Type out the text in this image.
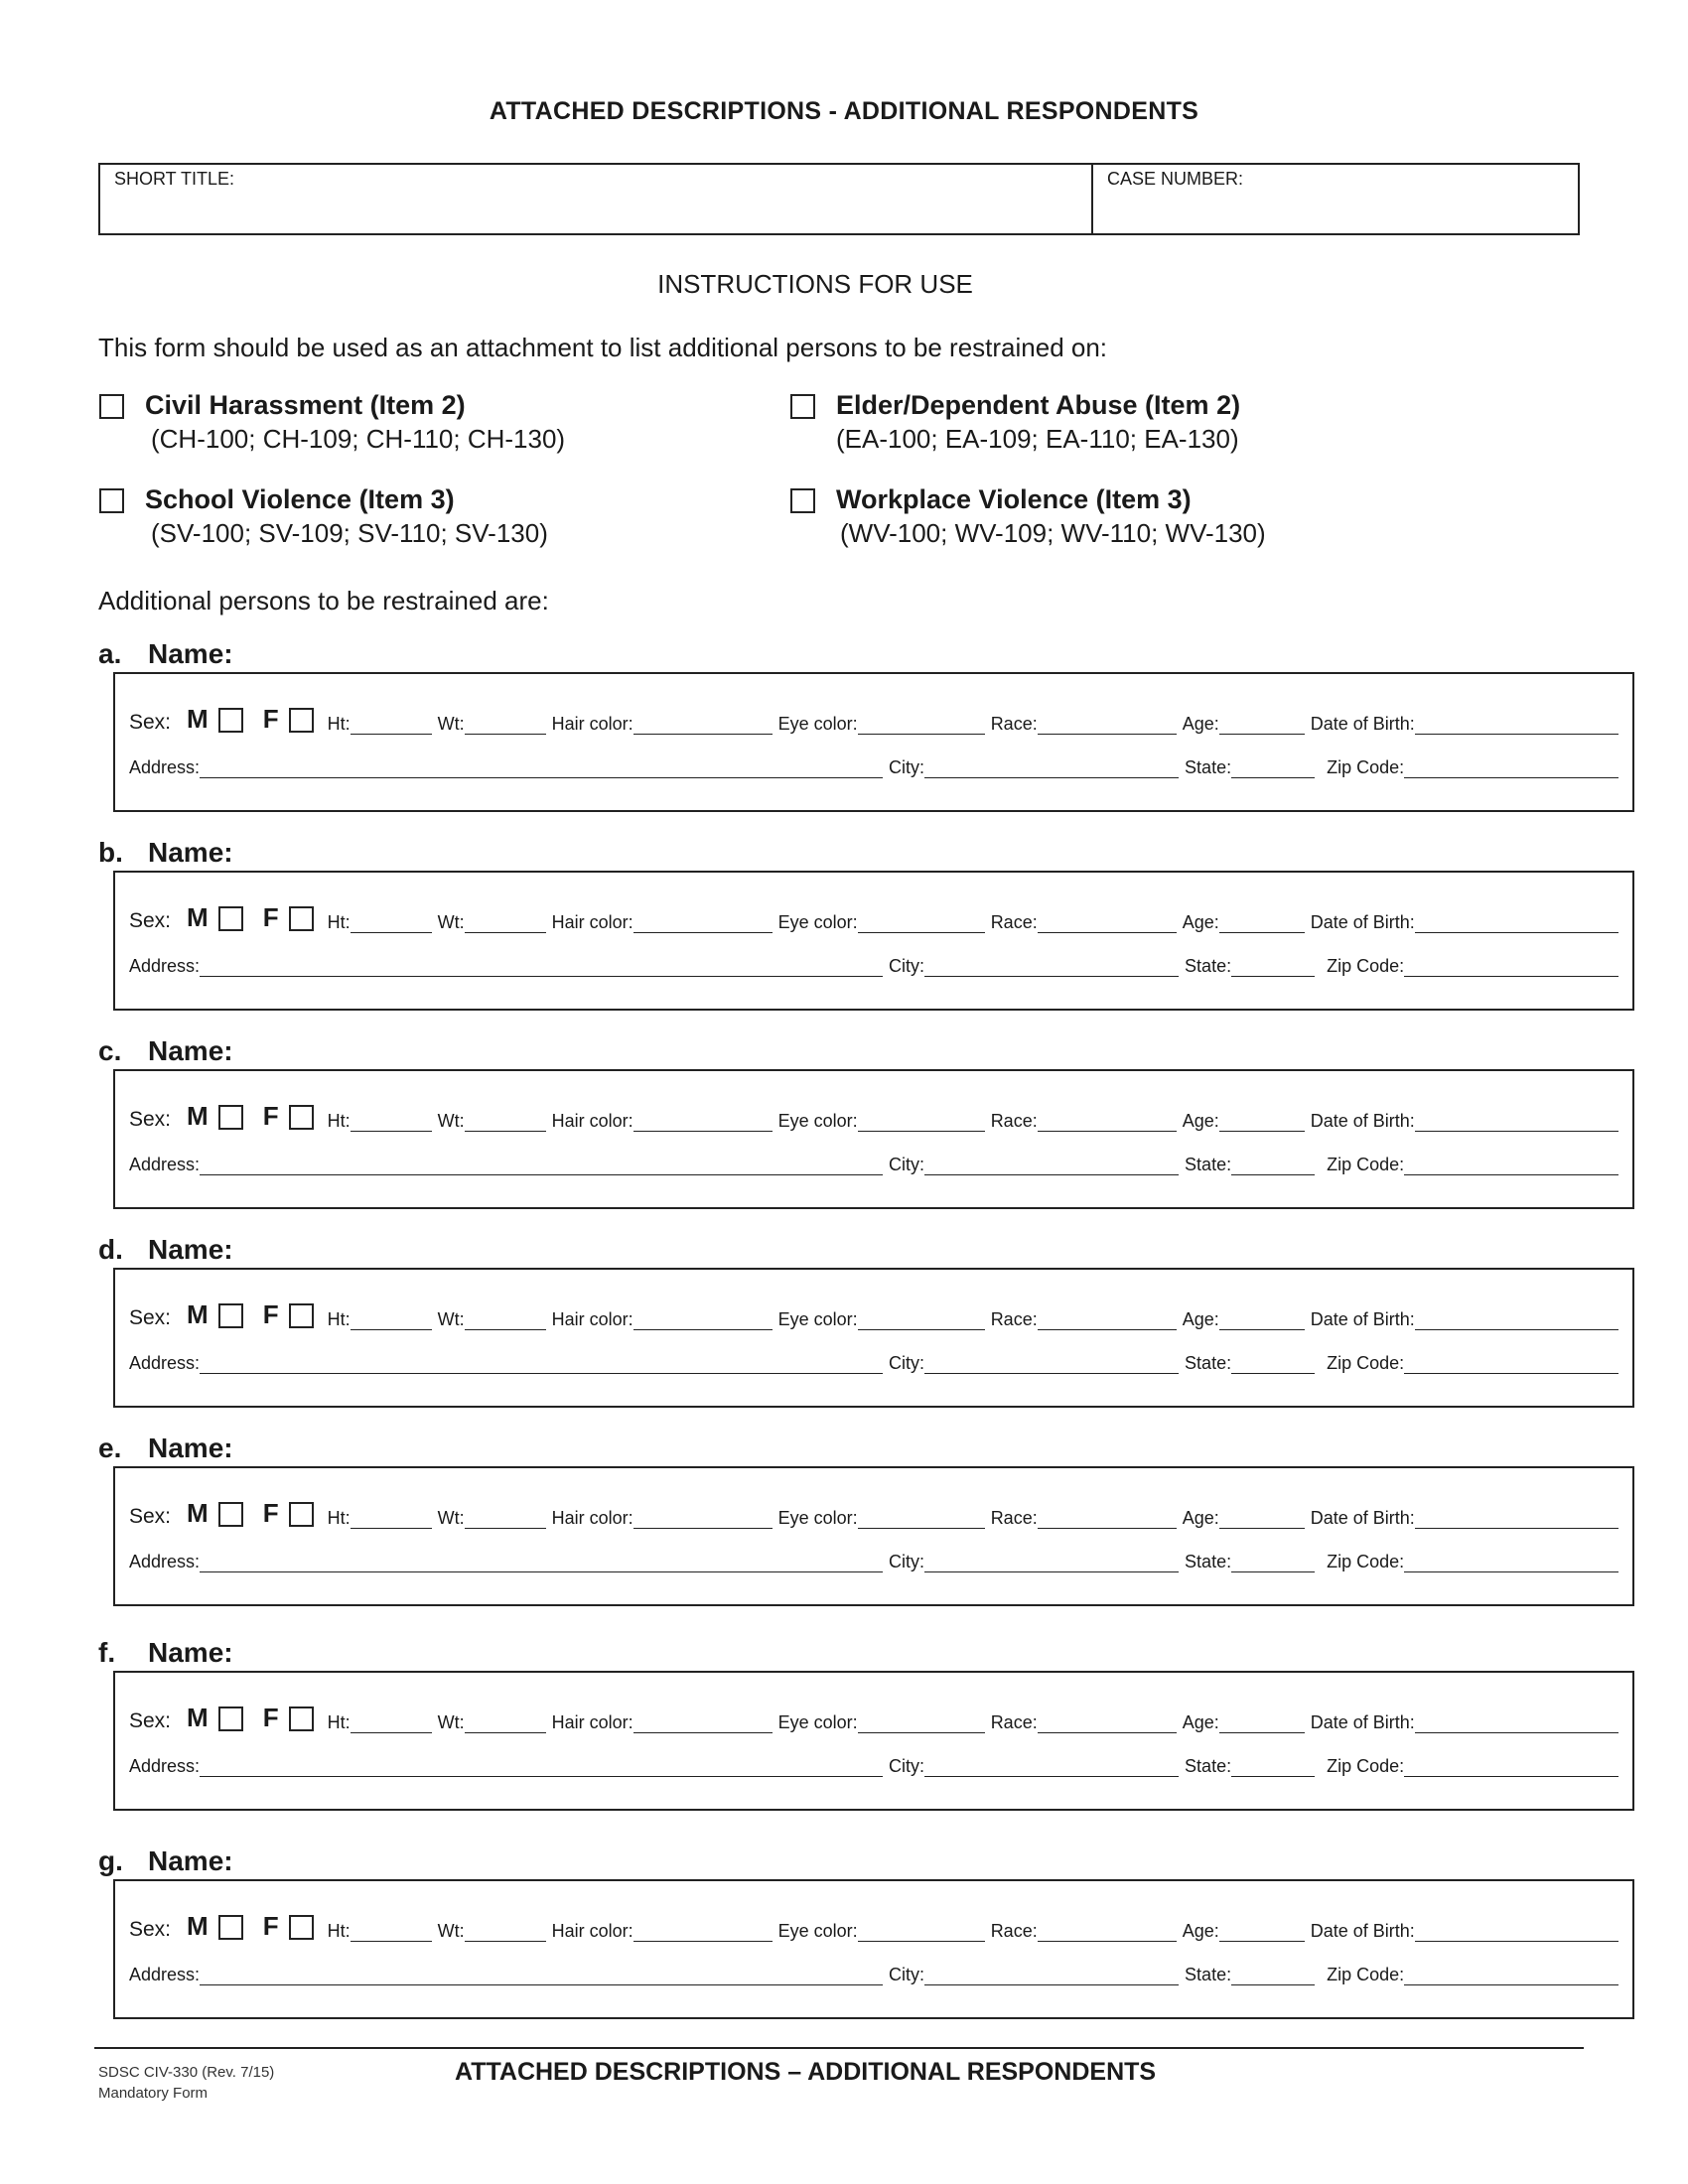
ATTACHED DESCRIPTIONS - ADDITIONAL RESPONDENTS
SHORT TITLE:	CASE NUMBER:
INSTRUCTIONS FOR USE
This form should be used as an attachment to list additional persons to be restrained on:
Civil Harassment (Item 2)
(CH-100; CH-109; CH-110; CH-130)
Elder/Dependent Abuse (Item 2)
(EA-100; EA-109; EA-110; EA-130)
School Violence (Item 3)
(SV-100; SV-109; SV-110; SV-130)
Workplace Violence (Item 3)
(WV-100; WV-109; WV-110; WV-130)
Additional persons to be restrained are:
a. Name:
Sex: M F	Ht:	Wt:	Hair color:	Eye color:	Race:	Age:	Date of Birth:
Address:	City:	State:	Zip Code:
b. Name:
Sex: M F	Ht:	Wt:	Hair color:	Eye color:	Race:	Age:	Date of Birth:
Address:	City:	State:	Zip Code:
c. Name:
Sex: M F	Ht:	Wt:	Hair color:	Eye color:	Race:	Age:	Date of Birth:
Address:	City:	State:	Zip Code:
d. Name:
Sex: M F	Ht:	Wt:	Hair color:	Eye color:	Race:	Age:	Date of Birth:
Address:	City:	State:	Zip Code:
e. Name:
Sex: M F	Ht:	Wt:	Hair color:	Eye color:	Race:	Age:	Date of Birth:
Address:	City:	State:	Zip Code:
f. Name:
Sex: M F	Ht:	Wt:	Hair color:	Eye color:	Race:	Age:	Date of Birth:
Address:	City:	State:	Zip Code:
g. Name:
Sex: M F	Ht:	Wt:	Hair color:	Eye color:	Race:	Age:	Date of Birth:
Address:	City:	State:	Zip Code:
SDSC CIV-330 (Rev. 7/15)
Mandatory Form
ATTACHED DESCRIPTIONS – ADDITIONAL RESPONDENTS
